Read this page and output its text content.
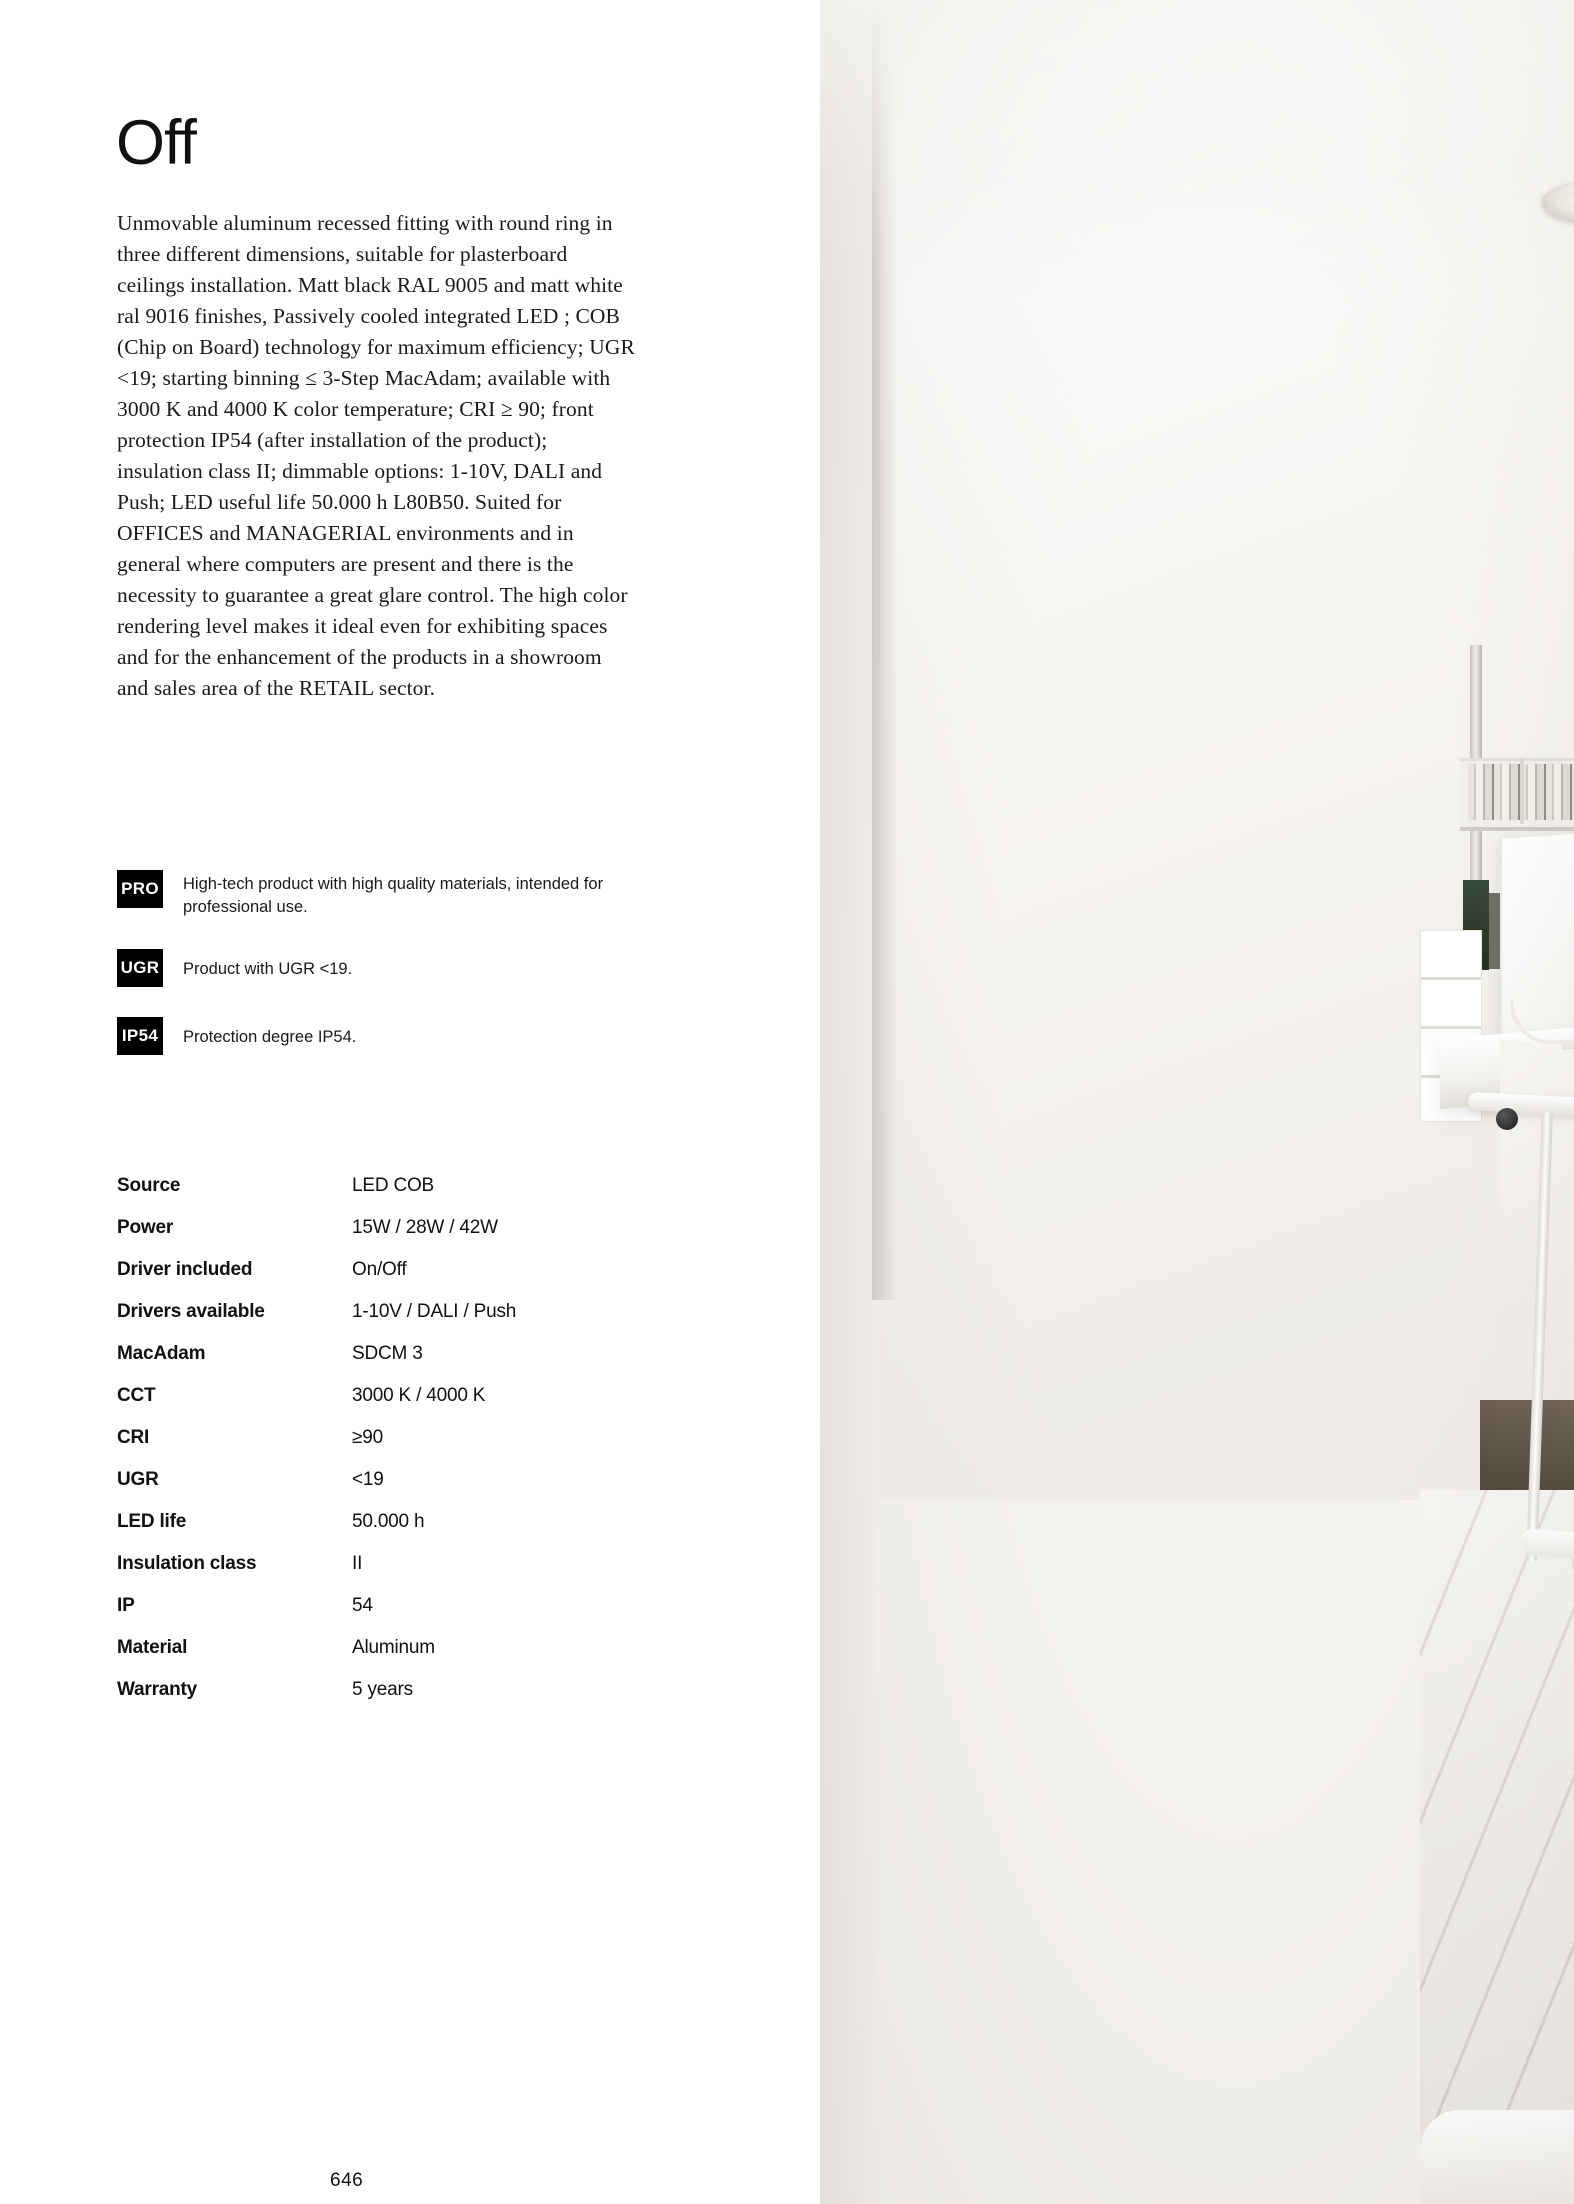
Off

Unmovable aluminum recessed fitting with round ring in three different dimensions, suitable for plasterboard ceilings installation. Matt black RAL 9005 and matt white ral 9016 finishes, Passively cooled integrated LED ; COB (Chip on Board) technology for maximum efficiency; UGR <19; starting binning ≤ 3-Step MacAdam; available with 3000 K and 4000 K color temperature; CRI ≥ 90; front protection IP54 (after installation of the product); insulation class II; dimmable options: 1-10V, DALI and Push; LED useful life 50.000 h L80B50. Suited for OFFICES and MANAGERIAL environments and in general where computers are present and there is the necessity to guarantee a great glare control. The high color rendering level makes it ideal even for exhibiting spaces and for the enhancement of the products in a showroom and sales area of the RETAIL sector.

PRO High-tech product with high quality materials, intended for professional use.
UGR Product with UGR <19.
IP54 Protection degree IP54.
Source	LED COB
Power	15W / 28W / 42W
Driver included	On/Off
Drivers available	1-10V / DALI / Push
MacAdam	SDCM 3
CCT	3000 K / 4000 K
CRI	≥90
UGR	<19
LED life	50.000 h
Insulation class	II
IP	54
Material	Aluminum
Warranty	5 years
646
